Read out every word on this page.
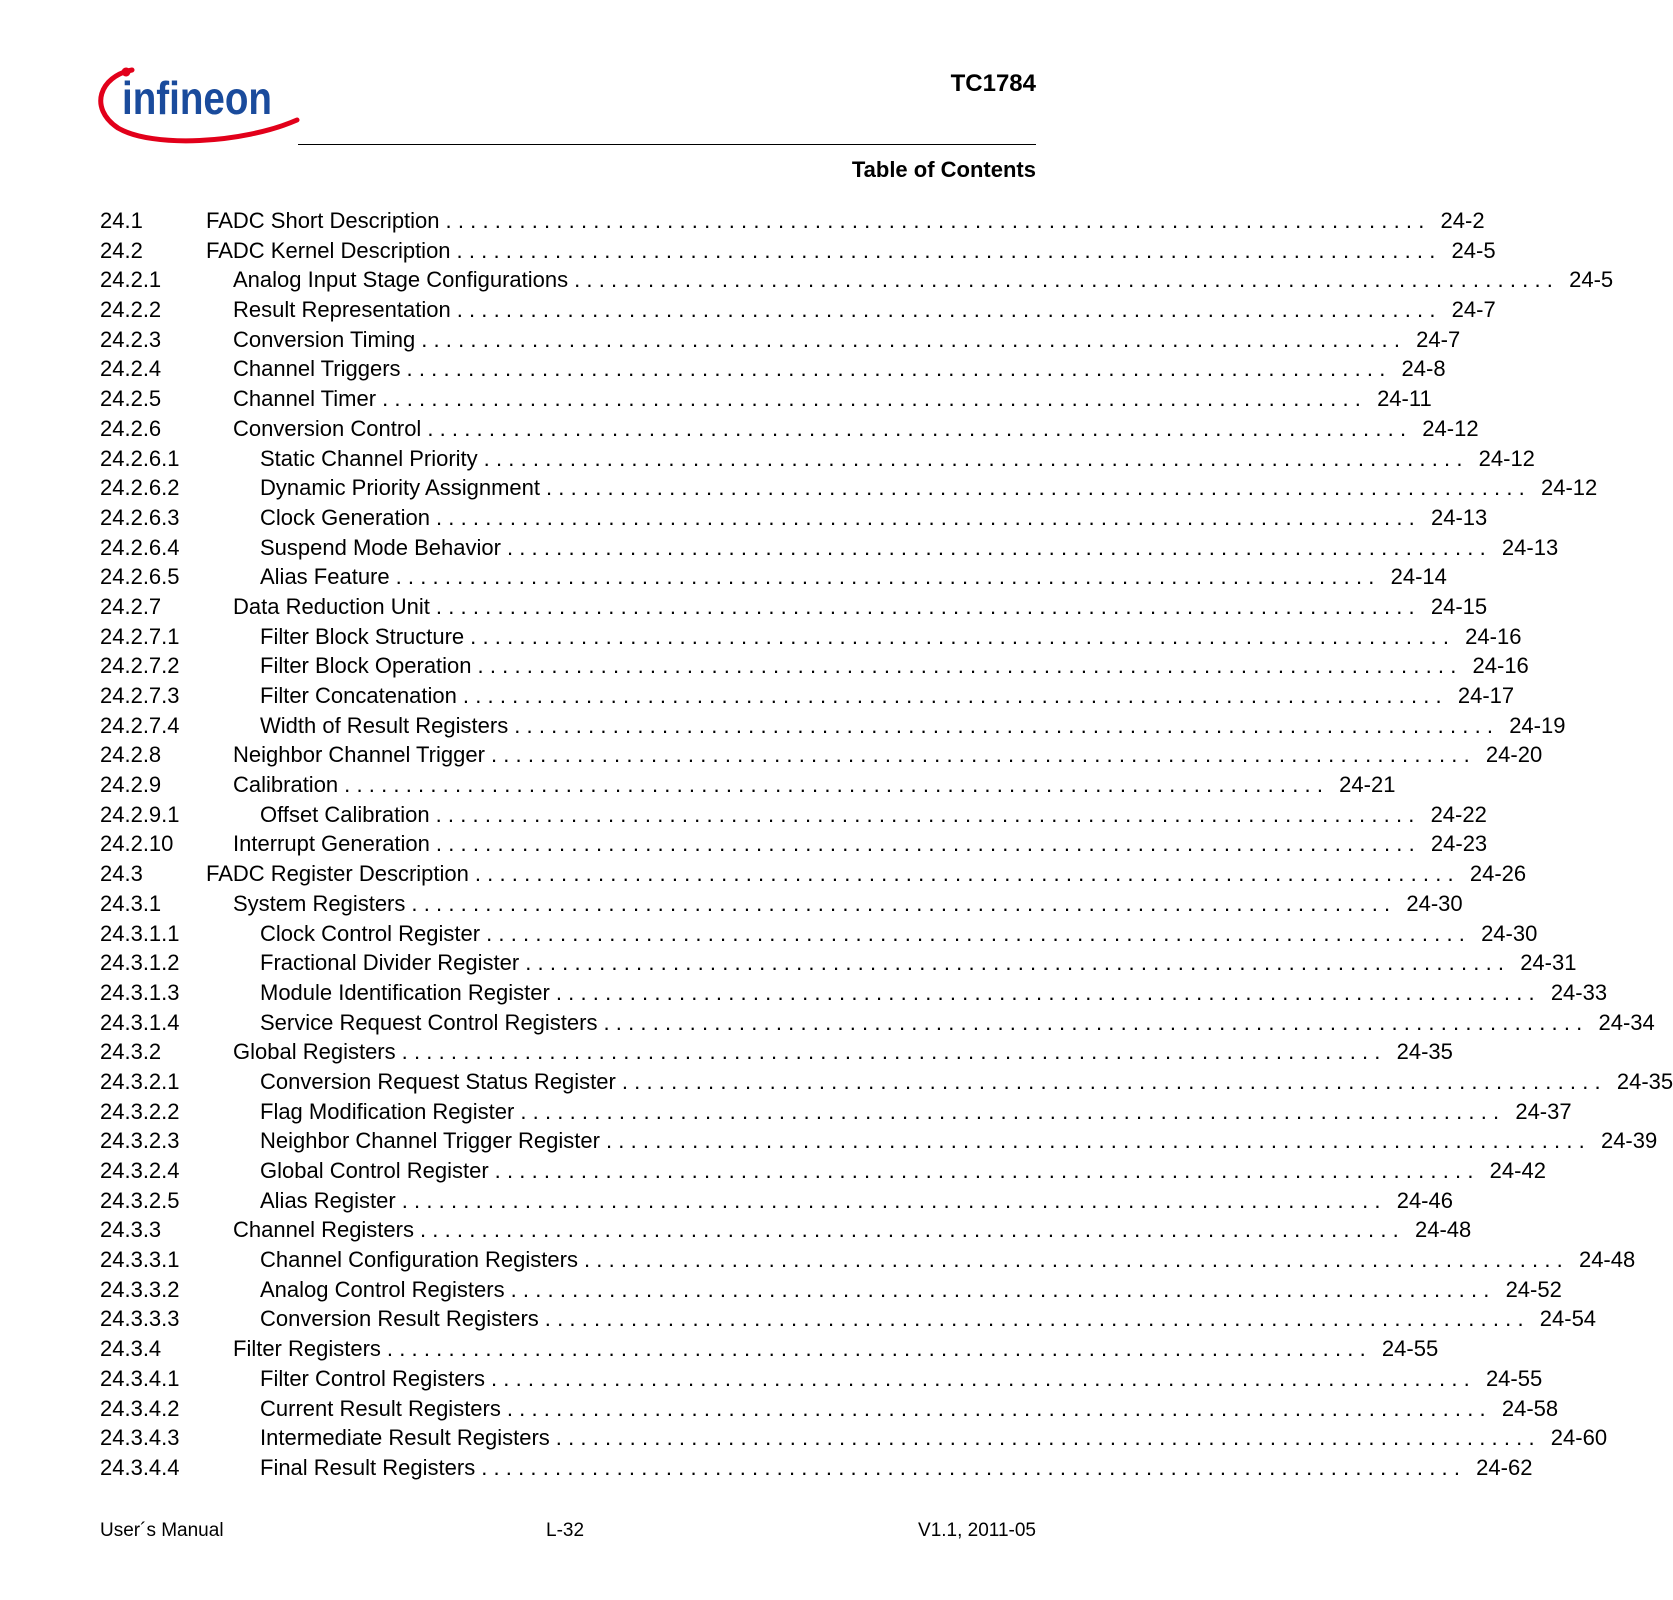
infineon	TC1784
Table of Contents
24.1	FADC Short Description ................................................................................ 24-2
24.2	FADC Kernel Description ................................................................................ 24-5
24.2.1	Analog Input Stage Configurations ................................................................................ 24-5
24.2.2	Result Representation ................................................................................ 24-7
24.2.3	Conversion Timing ................................................................................ 24-7
24.2.4	Channel Triggers ................................................................................ 24-8
24.2.5	Channel Timer ................................................................................ 24-11
24.2.6	Conversion Control ................................................................................ 24-12
24.2.6.1	Static Channel Priority ................................................................................ 24-12
24.2.6.2	Dynamic Priority Assignment ................................................................................ 24-12
24.2.6.3	Clock Generation ................................................................................ 24-13
24.2.6.4	Suspend Mode Behavior ................................................................................ 24-13
24.2.6.5	Alias Feature ................................................................................ 24-14
24.2.7	Data Reduction Unit ................................................................................ 24-15
24.2.7.1	Filter Block Structure ................................................................................ 24-16
24.2.7.2	Filter Block Operation ................................................................................ 24-16
24.2.7.3	Filter Concatenation ................................................................................ 24-17
24.2.7.4	Width of Result Registers ................................................................................ 24-19
24.2.8	Neighbor Channel Trigger ................................................................................ 24-20
24.2.9	Calibration ................................................................................ 24-21
24.2.9.1	Offset Calibration ................................................................................ 24-22
24.2.10	Interrupt Generation ................................................................................ 24-23
24.3	FADC Register Description ................................................................................ 24-26
24.3.1	System Registers ................................................................................ 24-30
24.3.1.1	Clock Control Register ................................................................................ 24-30
24.3.1.2	Fractional Divider Register ................................................................................ 24-31
24.3.1.3	Module Identification Register ................................................................................ 24-33
24.3.1.4	Service Request Control Registers ................................................................................ 24-34
24.3.2	Global Registers ................................................................................ 24-35
24.3.2.1	Conversion Request Status Register ................................................................................ 24-35
24.3.2.2	Flag Modification Register ................................................................................ 24-37
24.3.2.3	Neighbor Channel Trigger Register ................................................................................ 24-39
24.3.2.4	Global Control Register ................................................................................ 24-42
24.3.2.5	Alias Register ................................................................................ 24-46
24.3.3	Channel Registers ................................................................................ 24-48
24.3.3.1	Channel Configuration Registers ................................................................................ 24-48
24.3.3.2	Analog Control Registers ................................................................................ 24-52
24.3.3.3	Conversion Result Registers ................................................................................ 24-54
24.3.4	Filter Registers ................................................................................ 24-55
24.3.4.1	Filter Control Registers ................................................................................ 24-55
24.3.4.2	Current Result Registers ................................................................................ 24-58
24.3.4.3	Intermediate Result Registers ................................................................................ 24-60
24.3.4.4	Final Result Registers ................................................................................ 24-62
User´s Manual	L-32	V1.1, 2011-05
